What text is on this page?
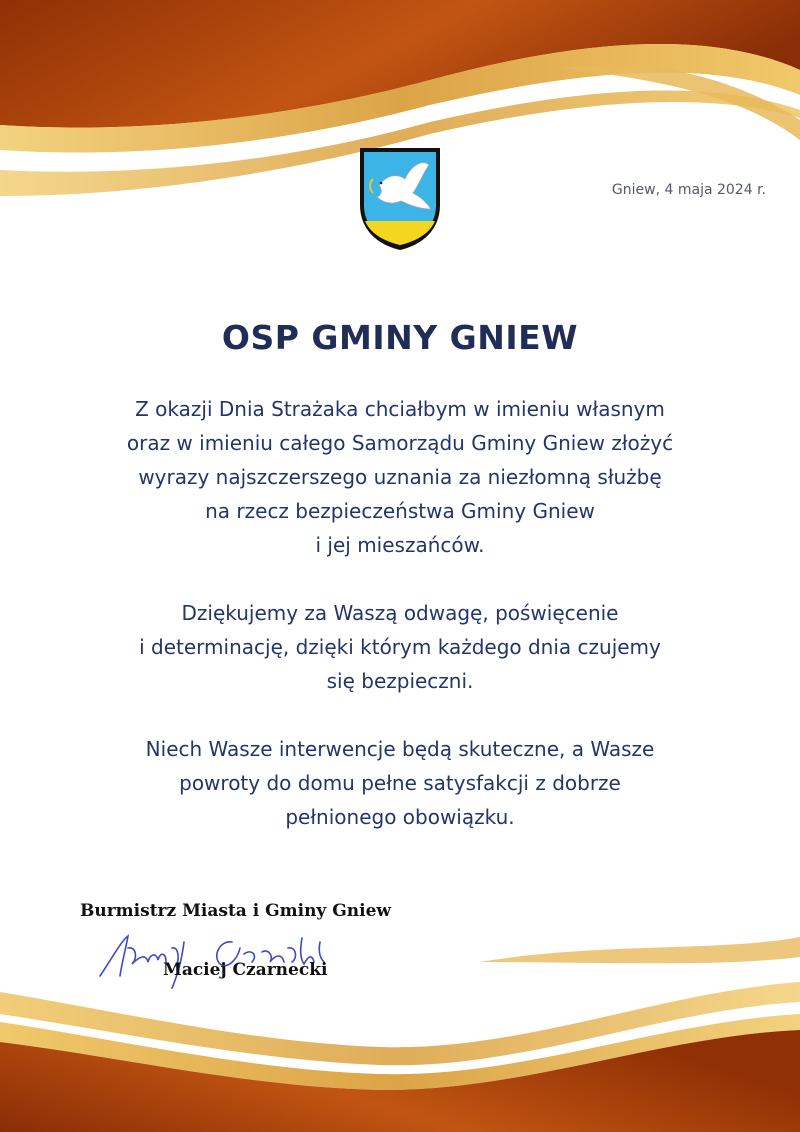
Gniew, 4 maja 2024 r.
OSP GMINY GNIEW

Z okazji Dnia Strażaka chciałbym w imieniu własnym
oraz w imieniu całego Samorządu Gminy Gniew złożyć
wyrazy najszczerszego uznania za niezłomną służbę
na rzecz bezpieczeństwa Gminy Gniew
i jej mieszańców.

Dziękujemy za Waszą odwagę, poświęcenie
i determinację, dzięki którym każdego dnia czujemy
się bezpieczni.

Niech Wasze interwencje będą skuteczne, a Wasze
powroty do domu pełne satysfakcji z dobrze
pełnionego obowiązku.

Burmistrz Miasta i Gminy Gniew
Maciej Czarnecki
